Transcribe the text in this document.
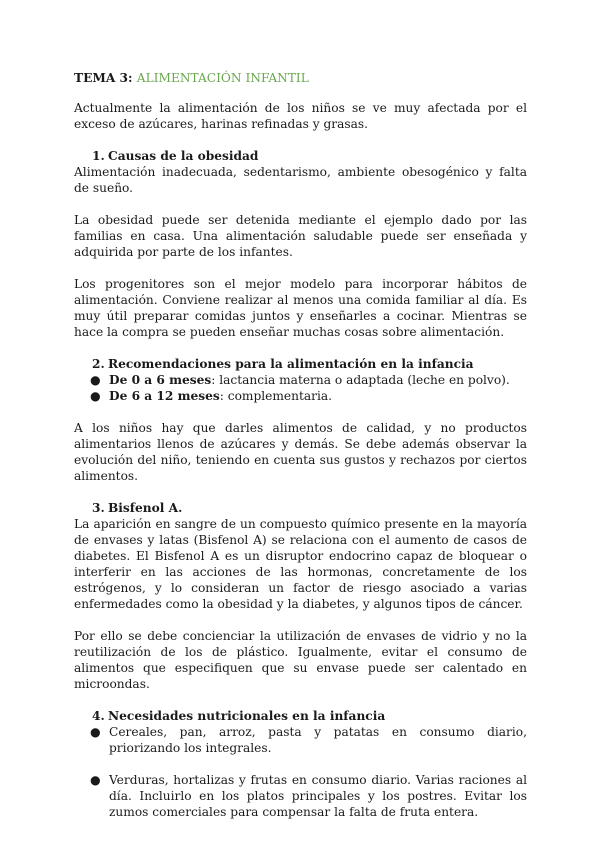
TEMA 3: ALIMENTACIÓN INFANTIL

Actualmente la alimentación de los niños se ve muy afectada por el exceso de azúcares, harinas refinadas y grasas.

1. Causas de la obesidad

Alimentación inadecuada, sedentarismo, ambiente obesogénico y falta de sueño.

La obesidad puede ser detenida mediante el ejemplo dado por las familias en casa. Una alimentación saludable puede ser enseñada y adquirida por parte de los infantes.

Los progenitores son el mejor modelo para incorporar hábitos de alimentación. Conviene realizar al menos una comida familiar al día. Es muy útil preparar comidas juntos y enseñarles a cocinar. Mientras se hace la compra se pueden enseñar muchas cosas sobre alimentación.

2. Recomendaciones para la alimentación en la infancia
● De 0 a 6 meses: lactancia materna o adaptada (leche en polvo).
● De 6 a 12 meses: complementaria.

A los niños hay que darles alimentos de calidad, y no productos alimentarios llenos de azúcares y demás. Se debe además observar la evolución del niño, teniendo en cuenta sus gustos y rechazos por ciertos alimentos.

3. Bisfenol A.

La aparición en sangre de un compuesto químico presente en la mayoría de envases y latas (Bisfenol A) se relaciona con el aumento de casos de diabetes. El Bisfenol A es un disruptor endocrino capaz de bloquear o interferir en las acciones de las hormonas, concretamente de los estrógenos, y lo consideran un factor de riesgo asociado a varias enfermedades como la obesidad y la diabetes, y algunos tipos de cáncer.

Por ello se debe concienciar la utilización de envases de vidrio y no la reutilización de los de plástico. Igualmente, evitar el consumo de alimentos que especifiquen que su envase puede ser calentado en microondas.

4. Necesidades nutricionales en la infancia
● Cereales, pan, arroz, pasta y patatas en consumo diario, priorizando los integrales.
● Verduras, hortalizas y frutas en consumo diario. Varias raciones al día. Incluirlo en los platos principales y los postres. Evitar los zumos comerciales para compensar la falta de fruta entera.
